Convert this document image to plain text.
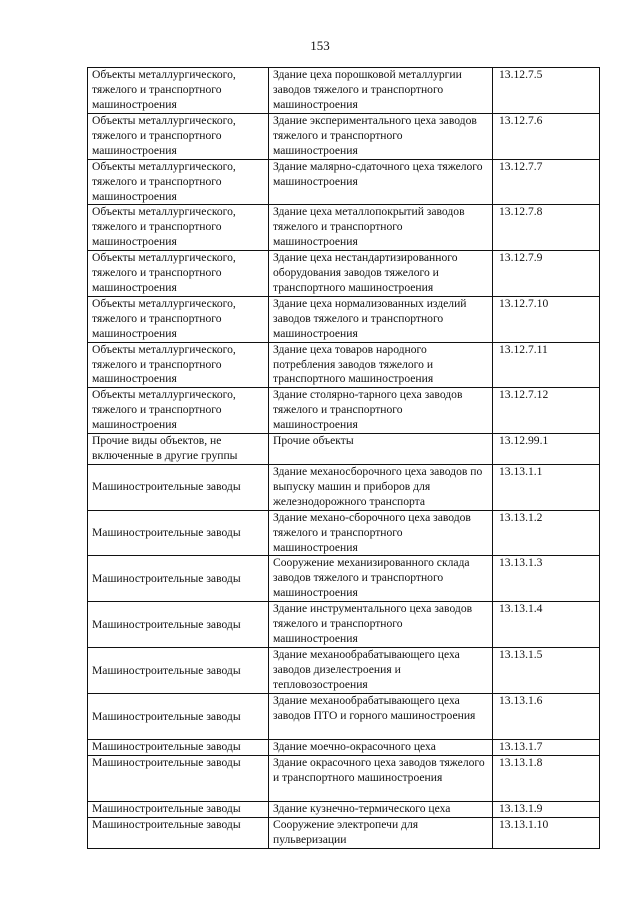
153
Объекты металлургического, тяжелого и транспортного машиностроения	Здание цеха порошковой металлургии заводов тяжелого и транспортного машиностроения	13.12.7.5
Объекты металлургического, тяжелого и транспортного машиностроения	Здание экспериментального цеха заводов тяжелого и транспортного машиностроения	13.12.7.6
Объекты металлургического, тяжелого и транспортного машиностроения	Здание малярно-сдаточного цеха тяжелого машиностроения	13.12.7.7
Объекты металлургического, тяжелого и транспортного машиностроения	Здание цеха металлопокрытий заводов тяжелого и транспортного машиностроения	13.12.7.8
Объекты металлургического, тяжелого и транспортного машиностроения	Здание цеха нестандартизированного оборудования заводов тяжелого и транспортного машиностроения	13.12.7.9
Объекты металлургического, тяжелого и транспортного машиностроения	Здание цеха нормализованных изделий заводов тяжелого и транспортного машиностроения	13.12.7.10
Объекты металлургического, тяжелого и транспортного машиностроения	Здание цеха товаров народного потребления заводов тяжелого и транспортного машиностроения	13.12.7.11
Объекты металлургического, тяжелого и транспортного машиностроения	Здание столярно-тарного цеха заводов тяжелого и транспортного машиностроения	13.12.7.12
Прочие виды объектов, не включенные в другие группы	Прочие объекты	13.12.99.1
Машиностроительные заводы	Здание механосборочного цеха заводов по выпуску машин и приборов для железнодорожного транспорта	13.13.1.1
Машиностроительные заводы	Здание механо-сборочного цеха заводов тяжелого и транспортного машиностроения	13.13.1.2
Машиностроительные заводы	Сооружение механизированного склада заводов тяжелого и транспортного машиностроения	13.13.1.3
Машиностроительные заводы	Здание инструментального цеха заводов тяжелого и транспортного машиностроения	13.13.1.4
Машиностроительные заводы	Здание механообрабатывающего цеха заводов дизелестроения и тепловозостроения	13.13.1.5
Машиностроительные заводы	Здание механообрабатывающего цеха заводов ПТО и горного машиностроения	13.13.1.6
Машиностроительные заводы	Здание моечно-окрасочного цеха	13.13.1.7
Машиностроительные заводы	Здание окрасочного цеха заводов тяжелого и транспортного машиностроения	13.13.1.8
Машиностроительные заводы	Здание кузнечно-термического цеха	13.13.1.9
Машиностроительные заводы	Сооружение электропечи для пульверизации	13.13.1.10
